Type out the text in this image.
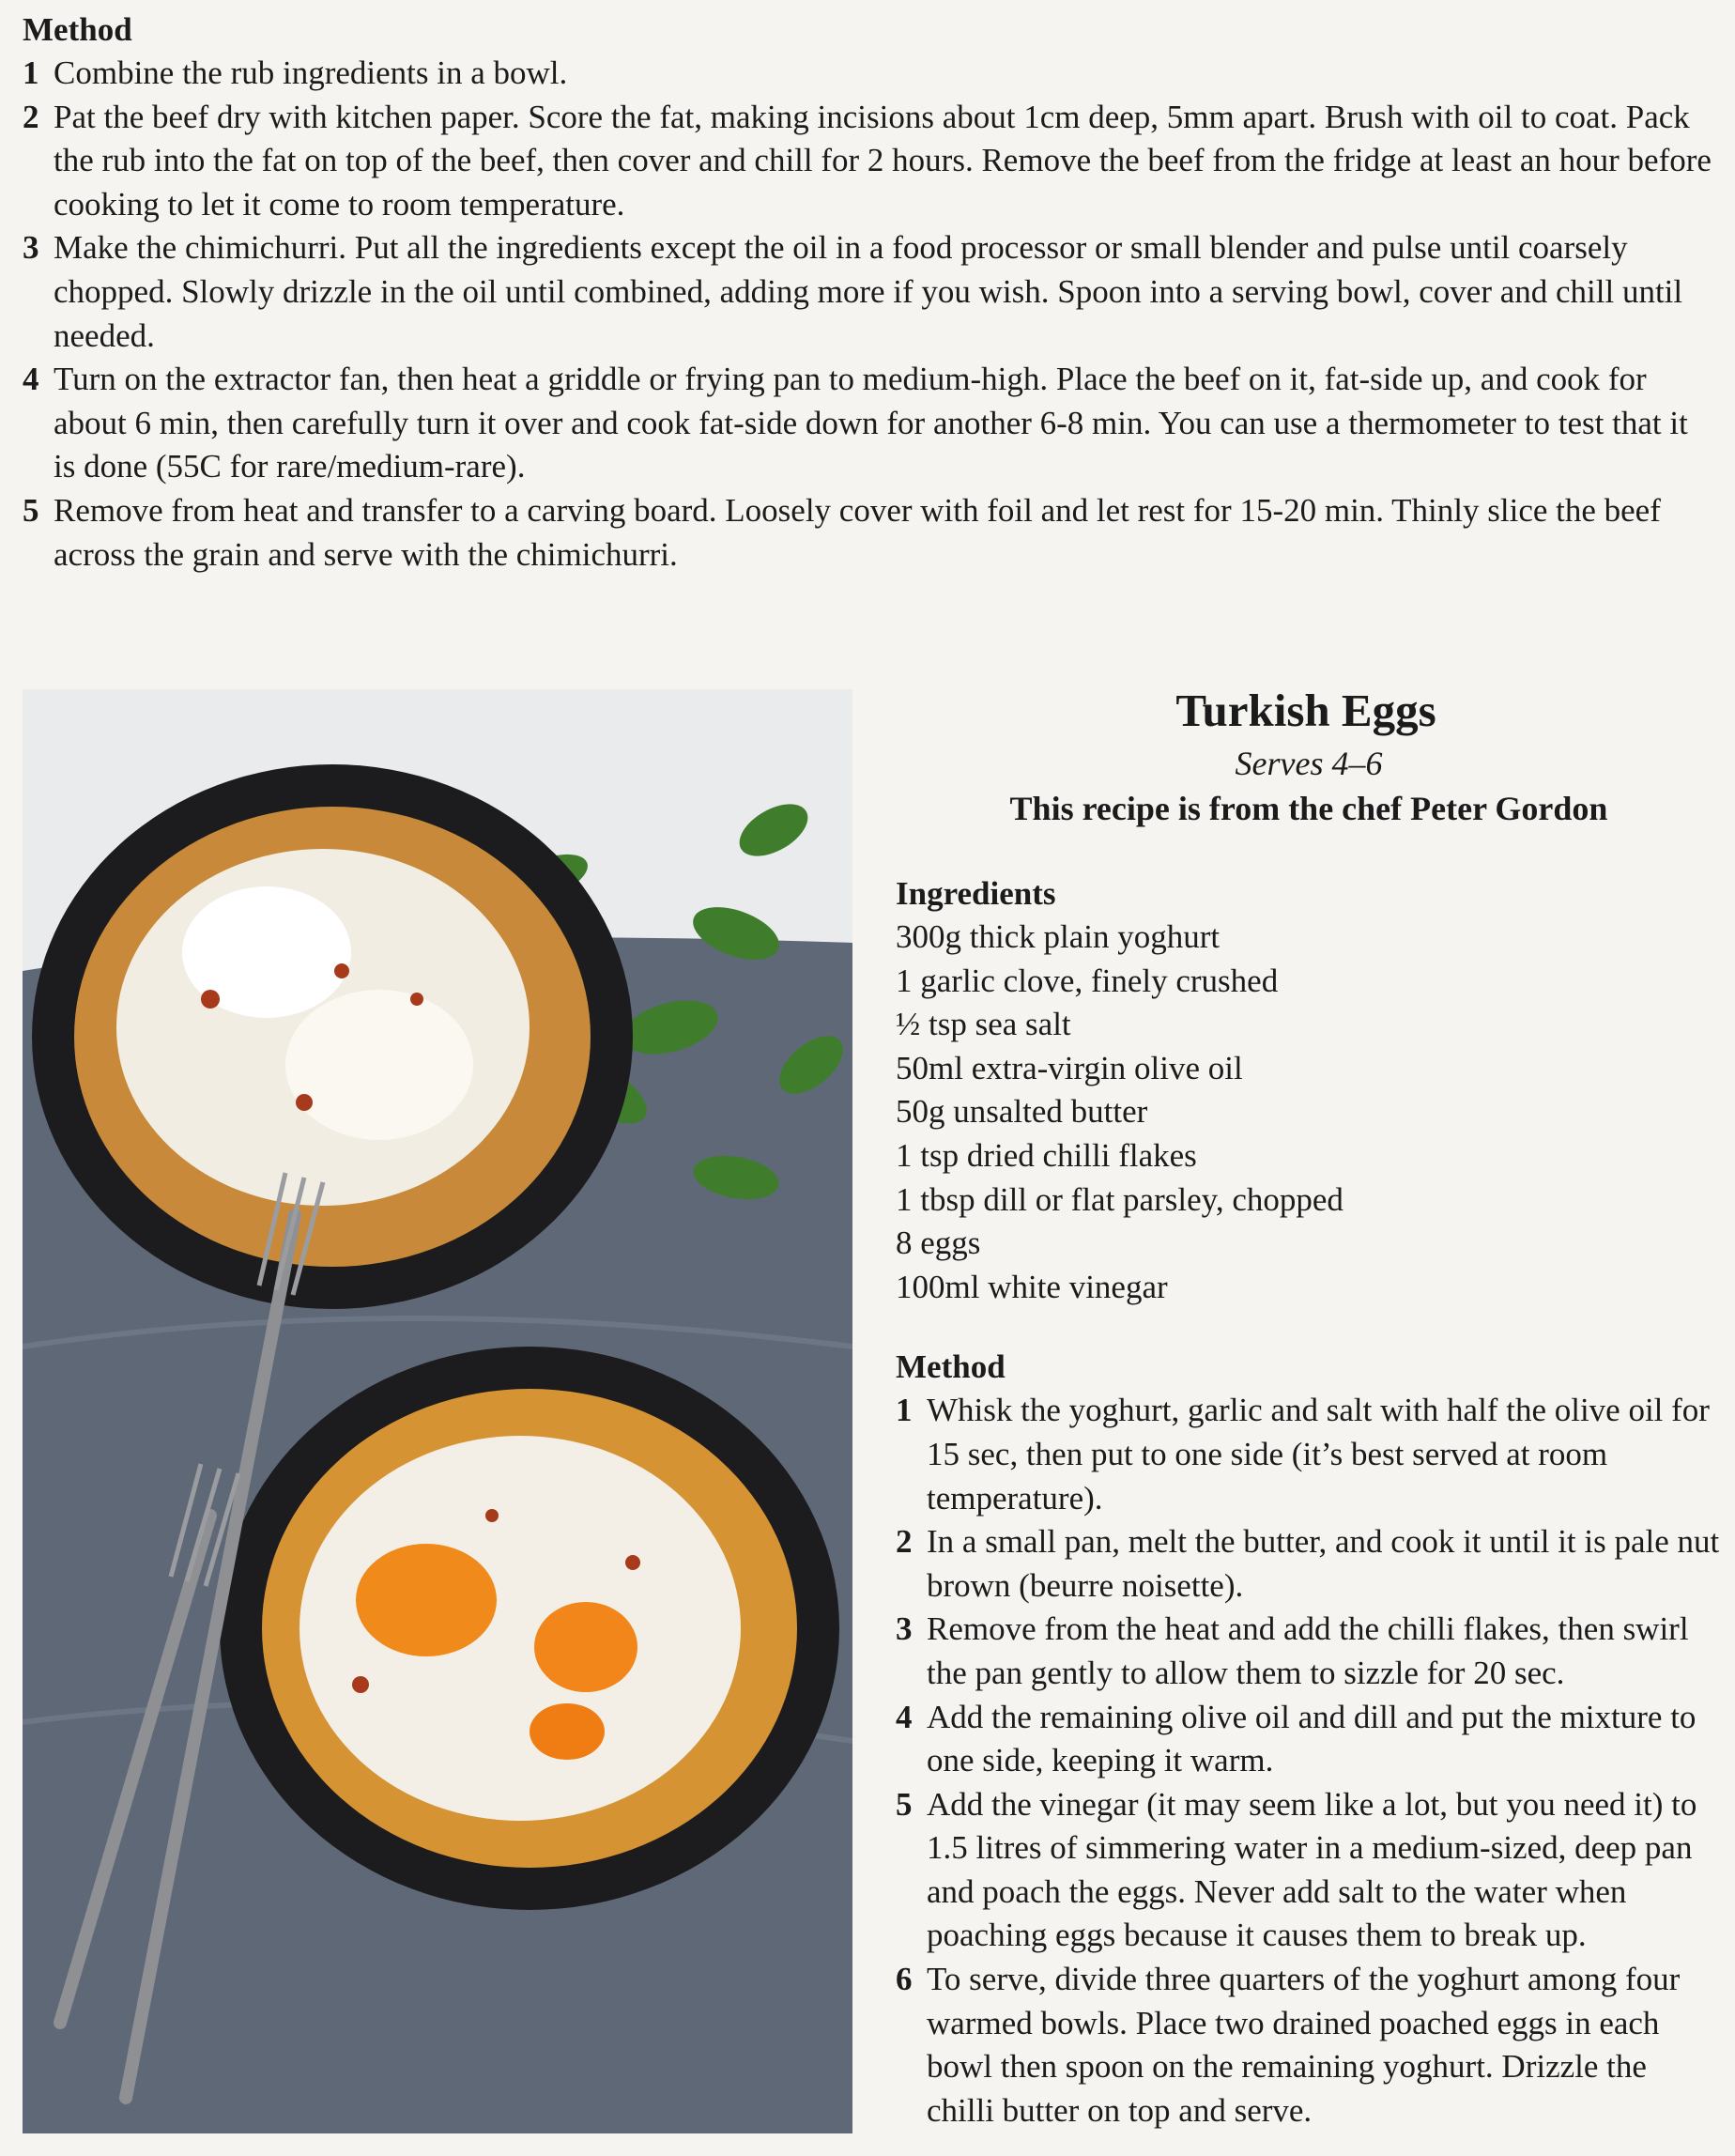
Method
1 Combine the rub ingredients in a bowl.
2 Pat the beef dry with kitchen paper. Score the fat, making incisions about 1cm deep, 5mm apart. Brush with oil to coat. Pack the rub into the fat on top of the beef, then cover and chill for 2 hours. Remove the beef from the fridge at least an hour before cooking to let it come to room temperature.
3 Make the chimichurri. Put all the ingredients except the oil in a food processor or small blender and pulse until coarsely chopped. Slowly drizzle in the oil until combined, adding more if you wish. Spoon into a serving bowl, cover and chill until needed.
4 Turn on the extractor fan, then heat a griddle or frying pan to medium-high. Place the beef on it, fat-side up, and cook for about 6 min, then carefully turn it over and cook fat-side down for another 6-8 min. You can use a thermometer to test that it is done (55C for rare/medium-rare).
5 Remove from heat and transfer to a carving board. Loosely cover with foil and let rest for 15-20 min. Thinly slice the beef across the grain and serve with the chimichurri.
Turkish Eggs
Serves 4–6
This recipe is from the chef Peter Gordon
Ingredients
300g thick plain yoghurt
1 garlic clove, finely crushed
½ tsp sea salt
50ml extra-virgin olive oil
50g unsalted butter
1 tsp dried chilli flakes
1 tbsp dill or flat parsley, chopped
8 eggs
100ml white vinegar
Method
1 Whisk the yoghurt, garlic and salt with half the olive oil for 15 sec, then put to one side (it’s best served at room temperature).
2 In a small pan, melt the butter, and cook it until it is pale nut brown (beurre noisette).
3 Remove from the heat and add the chilli flakes, then swirl the pan gently to allow them to sizzle for 20 sec.
4 Add the remaining olive oil and dill and put the mixture to one side, keeping it warm.
5 Add the vinegar (it may seem like a lot, but you need it) to 1.5 litres of simmering water in a medium-sized, deep pan and poach the eggs. Never add salt to the water when poaching eggs because it causes them to break up.
6 To serve, divide three quarters of the yoghurt among four warmed bowls. Place two drained poached eggs in each bowl then spoon on the remaining yoghurt. Drizzle the chilli butter on top and serve.
